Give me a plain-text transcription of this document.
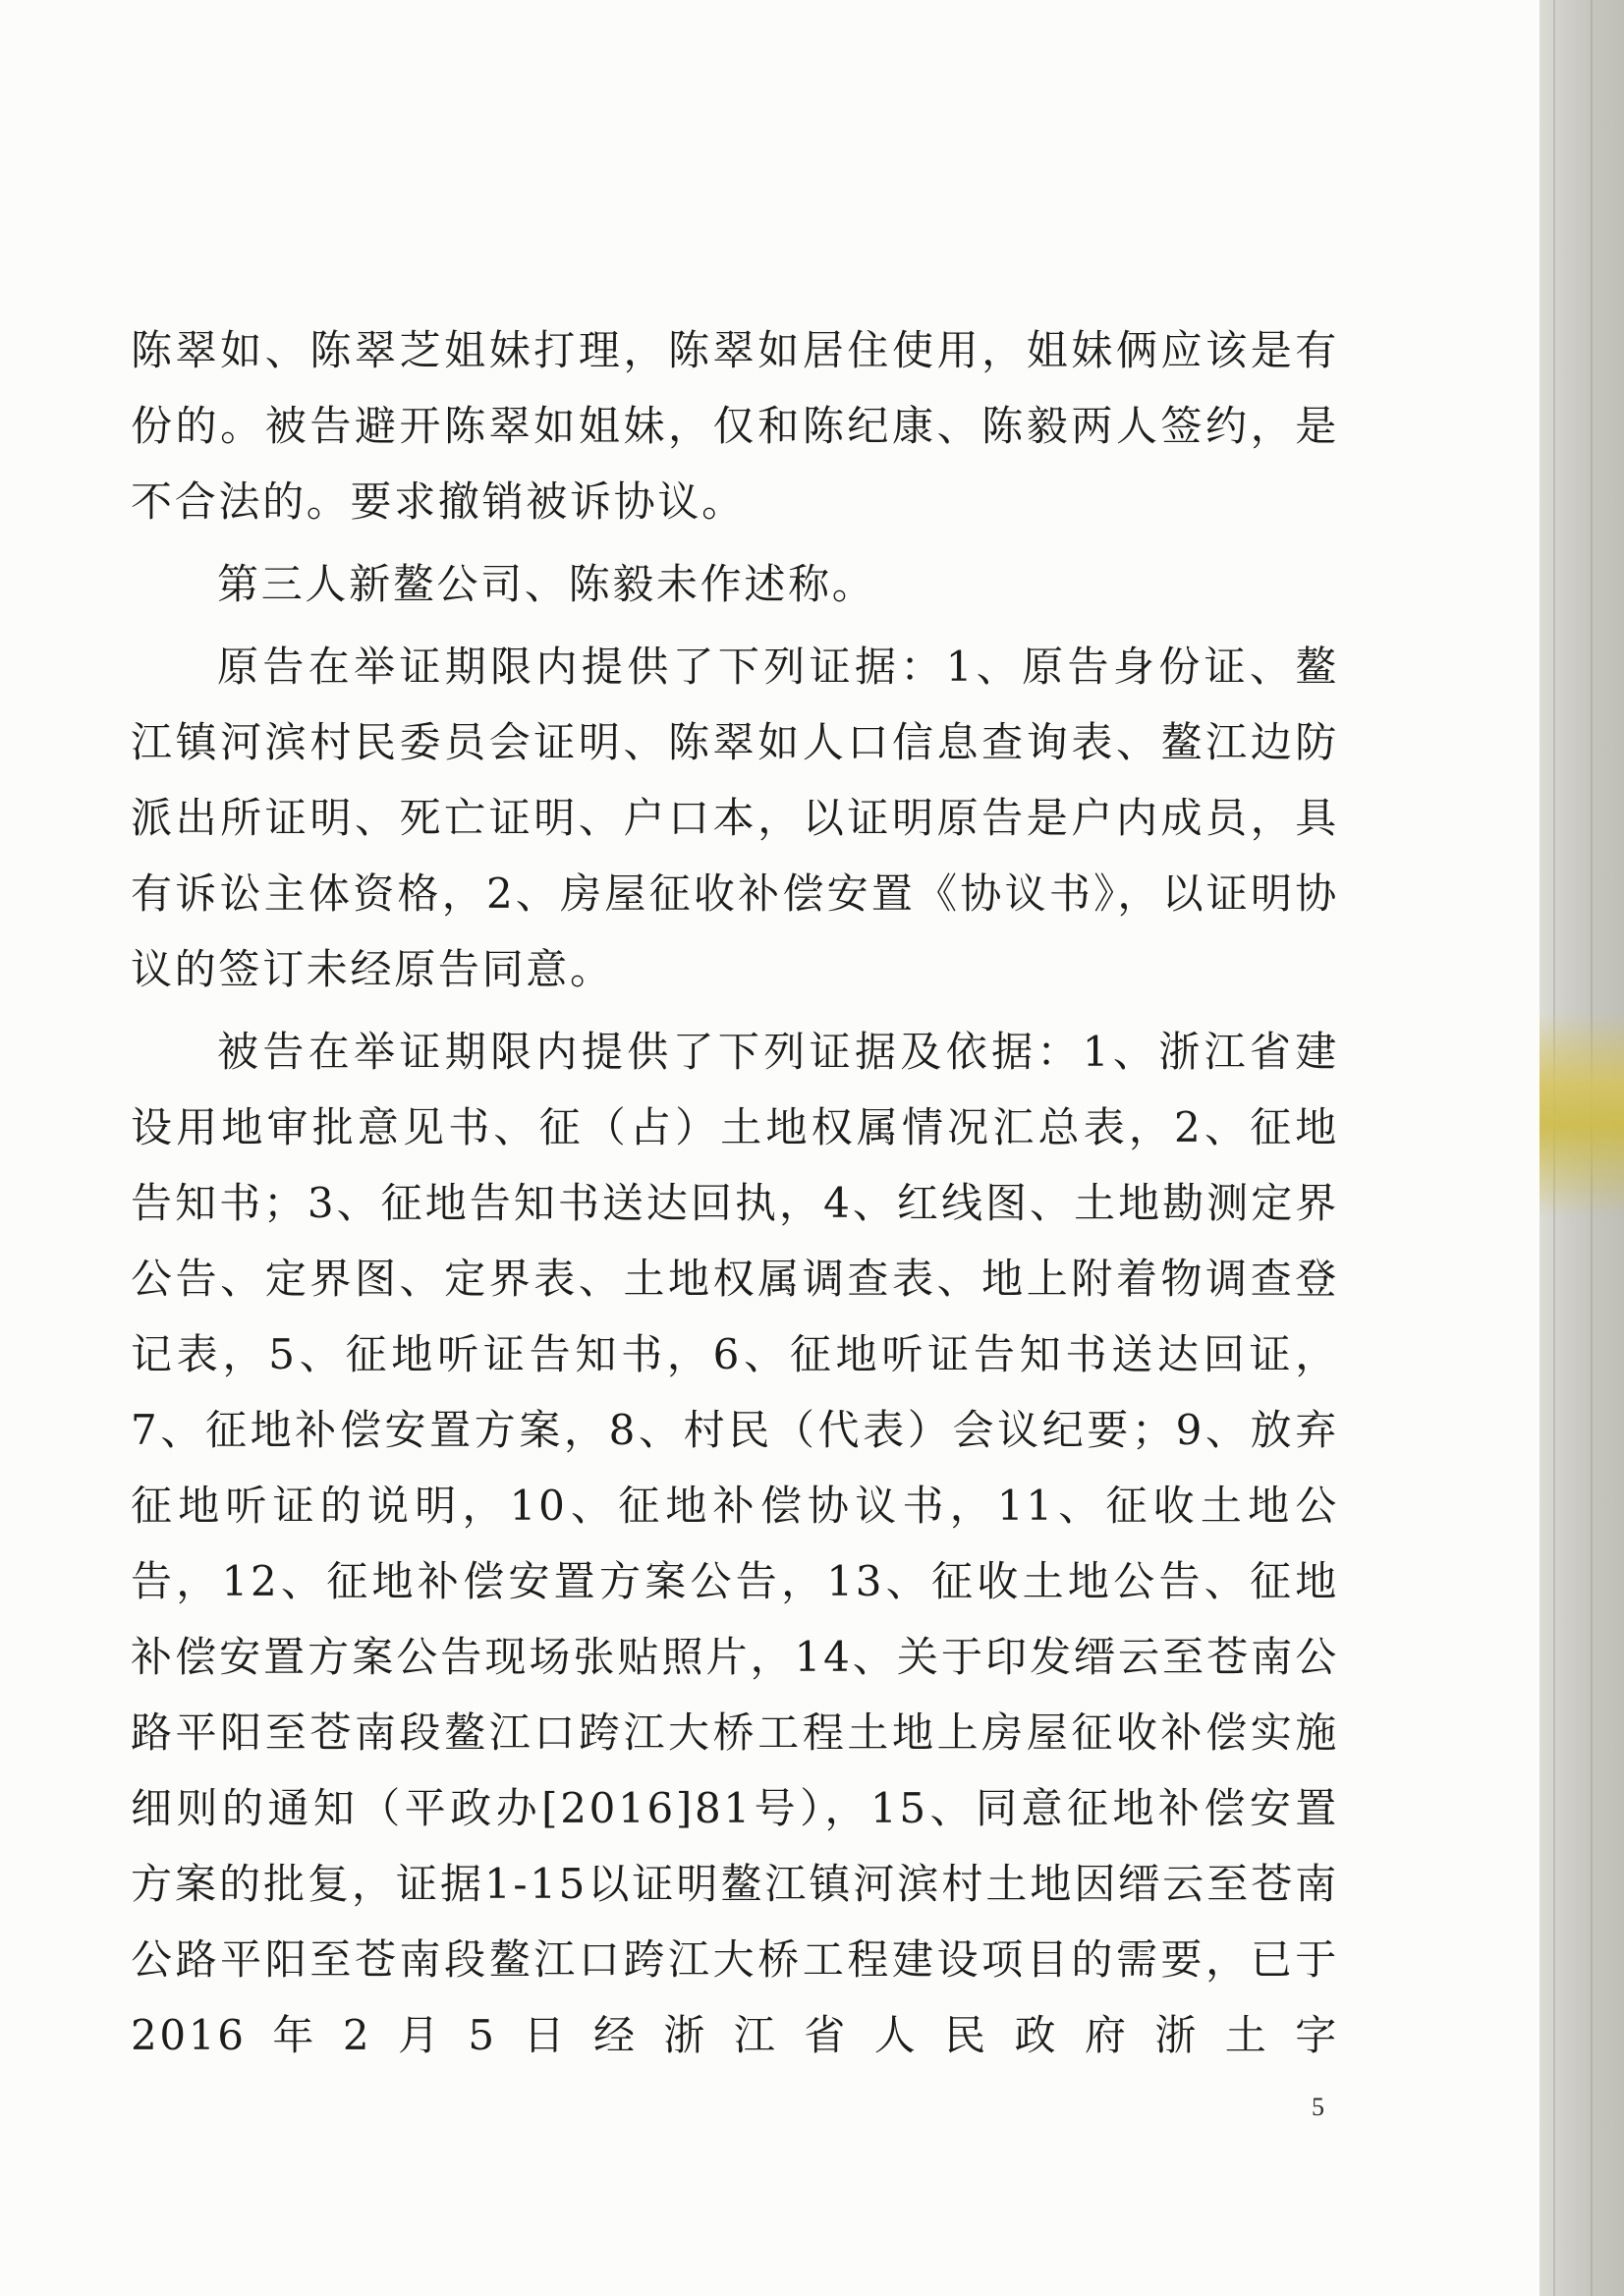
陈翠如、陈翠芝姐妹打理，陈翠如居住使用，姐妹俩应该是有份的。被告避开陈翠如姐妹，仅和陈纪康、陈毅两人签约，是不合法的。要求撤销被诉协议。

第三人新鳌公司、陈毅未作述称。

原告在举证期限内提供了下列证据：1、原告身份证、鳌江镇河滨村民委员会证明、陈翠如人口信息查询表、鳌江边防派出所证明、死亡证明、户口本，以证明原告是户内成员，具有诉讼主体资格，2、房屋征收补偿安置《协议书》，以证明协议的签订未经原告同意。

被告在举证期限内提供了下列证据及依据：1、浙江省建设用地审批意见书、征（占）土地权属情况汇总表，2、征地告知书；3、征地告知书送达回执，4、红线图、土地勘测定界公告、定界图、定界表、土地权属调查表、地上附着物调查登记表，5、征地听证告知书，6、征地听证告知书送达回证，7、征地补偿安置方案，8、村民（代表）会议纪要；9、放弃征地听证的说明，10、征地补偿协议书，11、征收土地公告，12、征地补偿安置方案公告，13、征收土地公告、征地补偿安置方案公告现场张贴照片，14、关于印发缙云至苍南公路平阳至苍南段鳌江口跨江大桥工程土地上房屋征收补偿实施细则的通知（平政办[2016]81号），15、同意征地补偿安置方案的批复，证据1-15以证明鳌江镇河滨村土地因缙云至苍南公路平阳至苍南段鳌江口跨江大桥工程建设项目的需要，已于2016年2月5日经浙江省人民政府浙土字

5
